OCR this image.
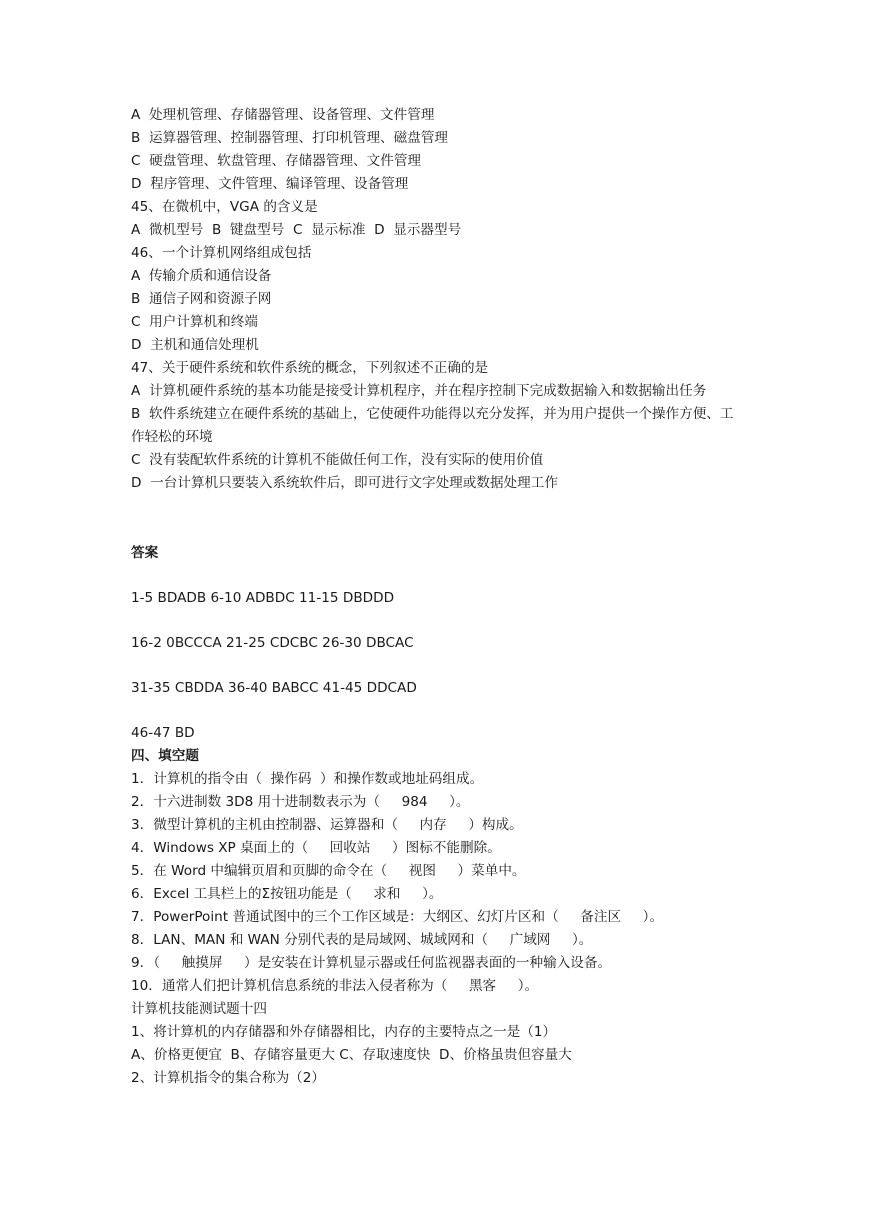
A  处理机管理、存储器管理、设备管理、文件管理
B  运算器管理、控制器管理、打印机管理、磁盘管理
C  硬盘管理、软盘管理、存储器管理、文件管理
D  程序管理、文件管理、编译管理、设备管理
45、在微机中，VGA 的含义是
A  微机型号  B  键盘型号  C  显示标准  D  显示器型号
46、一个计算机网络组成包括
A  传输介质和通信设备
B  通信子网和资源子网
C  用户计算机和终端
D  主机和通信处理机
47、关于硬件系统和软件系统的概念，下列叙述不正确的是
A  计算机硬件系统的基本功能是接受计算机程序，并在程序控制下完成数据输入和数据输出任务
B  软件系统建立在硬件系统的基础上，它使硬件功能得以充分发挥，并为用户提供一个操作方便、工作轻松的环境
C  没有装配软件系统的计算机不能做任何工作，没有实际的使用价值
D  一台计算机只要装入系统软件后，即可进行文字处理或数据处理工作
答案
1-5 BDADB 6-10 ADBDC 11-15 DBDDD
16-2 0BCCCA 21-25 CDCBC 26-30 DBCAC
31-35 CBDDA 36-40 BABCC 41-45 DDCAD
46-47 BD
四、填空题
1．计算机的指令由（  操作码  ）和操作数或地址码组成。
2．十六进制数 3D8 用十进制数表示为（     984     ）。
3．微型计算机的主机由控制器、运算器和（     内存     ）构成。
4．Windows XP 桌面上的（     回收站     ）图标不能删除。
5．在 Word 中编辑页眉和页脚的命令在（     视图     ）菜单中。
6．Excel 工具栏上的Σ按钮功能是（     求和     ）。
7．PowerPoint 普通试图中的三个工作区域是：大纲区、幻灯片区和（     备注区     ）。
8．LAN、MAN 和 WAN 分别代表的是局域网、城域网和（     广域网     ）。
9．（     触摸屏     ）是安装在计算机显示器或任何监视器表面的一种输入设备。
10．通常人们把计算机信息系统的非法入侵者称为（     黑客     ）。
计算机技能测试题十四
1、将计算机的内存储器和外存储器相比，内存的主要特点之一是（1）
A、价格更便宜  B、存储容量更大 C、存取速度快  D、价格虽贵但容量大
2、计算机指令的集合称为（2）
